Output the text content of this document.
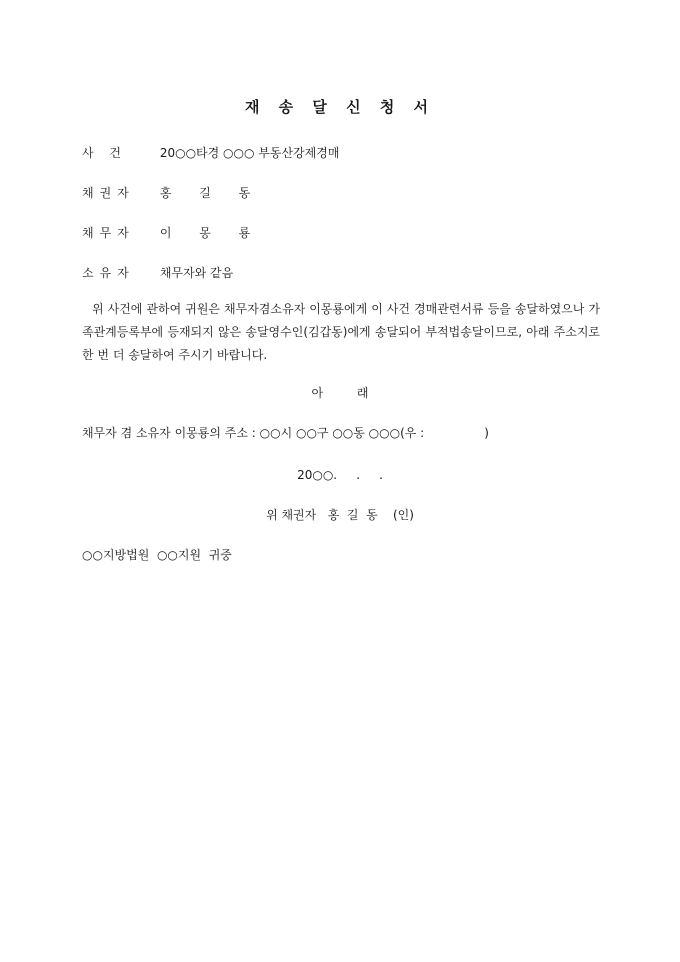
재 송 달 신 청 서
사 건	20○○타경 ○○○ 부동산강제경매
채권자 홍 길 동
채무자 이 몽 룡
소유자 채무자와 같음
위 사건에 관하여 귀원은 채무자겸소유자 이몽룡에게 이 사건 경매관련서류 등을 송달하였으나 가족관계등록부에 등재되지 않은 송달영수인(김갑동)에게 송달되어 부적법송달이므로, 아래 주소지로 한 번 더 송달하여 주시기 바랍니다.
아 래
채무자 겸 소유자 이몽룡의 주소 : ○○시 ○○구 ○○동 ○○○(우 :	)
20○○.     .     .
위 채권자   홍  길  동    (인)
○○지방법원  ○○지원  귀중
